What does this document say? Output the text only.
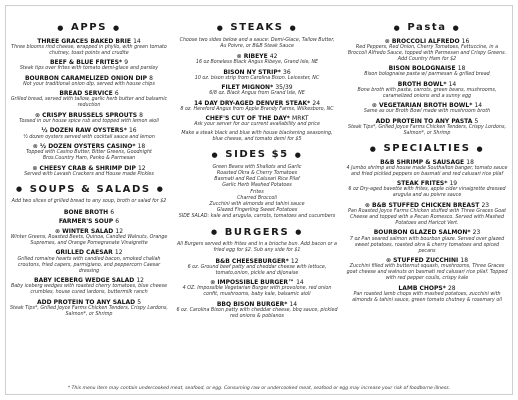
● APPS ●
THREE GRACES BAKED BRIE 14
Three blooms rind cheese, wrapped in phyllo, with green tomato chutney, toast points and crudite
BEEF & BLUE FRITES* 9
Steak tips over frites with tomato demi-glace and parsley
BOURBON CARAMELIZED ONION DIP 8
Not your traditional onion dip, served with house chips
BREAD SERVICE 6
Grilled bread, served with tallow, garlic herb butter and balsamic reduction
⊗ CRISPY BRUSSELS SPROUTS 8
Tossed in our house spice rub and topped with lemon aioli
½ DOZEN RAW OYSTERS* 16
½ dozen oysters served with cocktail sauce and lemon
⊗ ½ DOZEN OYSTERS CASINO* 18
Topped with Casino Butter, Bitter Greens, Goodnight Bros.Country Ham, Panko & Parmesan
⊗ CHEESY CRAB & SHRIMP DIP 12
Served with Lavash Crackers and House made Pickles
● SOUPS & SALADS ●
Add two slices of grilled bread to any soup, broth or salad for $2
BONE BROTH 6
FARMER'S SOUP 6
⊗ WINTER SALAD 12
Winter Greens, Roasted Beets, Quinoa, Candied Walnuts, Orange Supremes, and Orange Pomegranate Vinaigrette
GRILLED CAESAR 12
Grilled romaine hearts with candied bacon, smoked challah croutons, fried capers, parmigiano, and peppercorn Caesar dressing
BABY ICEBERG WEDGE SALAD 12
Baby iceberg wedges with roasted cherry tomatoes, blue cheese crumbles, house cured lardons, buttermilk ranch
ADD PROTEIN TO ANY SALAD 5
Steak Tips*, Grilled Joyce Farms Chicken Tenders, Crispy Lardons, Salmon*, or Shrimp
● STEAKS ●
Choose two sides below and a sauce: Demi-Glace, Tallow Butter, Au Poivre, or B&B Steak Sauce
⊗ RIBEYE 42
16 oz Boneless Black Angus Ribeye, Grand Isle, NE
BISON NY STRIP* 36
10 oz. bison strip from Carolina Bison. Leicester, NC
FILET MIGNON* 35/39
6/8 oz. Black Angus from Grand Isle, NE
14 DAY DRY-AGED DENVER STEAK* 24
8 oz. Hereford Angus from Apple Brandy Farms, Wilkesboro, NC
CHEF'S CUT OF THE DAY* MRKT
Ask your server for our current availability and price
Make a steak black and blue with house blackening seasoning, blue cheese, and tomato demi for $5
● SIDES $5 ●
Green Beans with Shallots and Garlic
Roasted Okra & Cherry Tomatoes
Basmati and Red Calusari Rice Pilaf
Garlic Herb Mashed Potatoes
Frites
Charred Broccoli
Zucchini with almonds and tahini sauce
Glazed Fingerling Sweet Potatoes
SIDE SALAD: kale and arugula, carrots, tomatoes and cucumbers
● BURGERS ●
All Burgers served with frites and in a brioche bun. Add bacon or a fried egg for $2. Sub any side for $1
B&B CHEESEBURGER* 12
6 oz. Ground beef patty and cheddar cheese with lettuce, tomato,onion, pickle and dijonaise
⊗ IMPOSSIBLE BURGER™ 14
4 OZ. Impossible Vegetarian Burger with provolone, red onion confit, mushrooms, baby kale, balsamic aioli
BBQ BISON BURGER* 14
6 oz. Carolina Bison patty with cheddar cheese, bbq sauce, pickled red onions & poblanos
● Pasta ●
⊗ BROCCOLI ALFREDO 16
Red Peppers, Red Onion, Cherry Tomatoes, Fettuccine, in a Broccoli Alfredo Sauce, topped with Parmesan and Crispy Greens. Add Country Ham for $2
BISON BOLOGNAISE 18
Bison bolognaise pasta w/ parmesan & grilled bread
BROTH BOWL* 14
Bone broth with pasta, carrots, green beans, mushrooms, caramelized onions and a sunny egg
⊗ VEGETARIAN BROTH BOWL* 14
Same as our Broth Bowl made with mushroom broth
ADD PROTEIN TO ANY PASTA 5
Steak Tips*, Grilled Joyce Farms Chicken Tenders, Crispy Lordons, Salmon*, or Shrimp
● SPECIALTIES ●
B&B SHRIMP & SAUSAGE 18
4 Jumbo shrimp and house made Southalton banger, tomato sauce and fried pickled peppers on basmati and red calusari rice pilaf
STEAK FRITES* 19
6 oz Dry-aged bavette with frites, apple cider vinaigrette dressed arugula and au poivre sauce
⊗ B&B STUFFED CHICKEN BREAST 23
Pan Roasted Joyce Farms Chicken stuffed with Three Graces Goat Cheese and topped with a Pecan Romesco. Served with Mashed Potatoes and Haricot Vert.
BOURBON GLAZED SALMON* 23
7 oz Pan seared salmon with bourbon glaze. Served over glazed sweet potatoes, roasted okra & cherry tomatoes and spiced pecans
⊗ STUFFED ZUCCHINI 18
Zucchini filled with butternut squash, mushrooms, Three Graces goat cheese and walnuts on basmati red calusari rice pilaf. Topped with red pepper coulis, crispy kale
LAMB CHOPS* 28
Pan roasted lamb chops with mashed potatoes, zucchini with almonds & tahini sauce, green tomato chutney & rosemary oil
* This menu item may contain undercooked meat, seafood, or egg. Consuming raw or undercooked meat, seafood or egg may increase your risk of foodborne illness.
